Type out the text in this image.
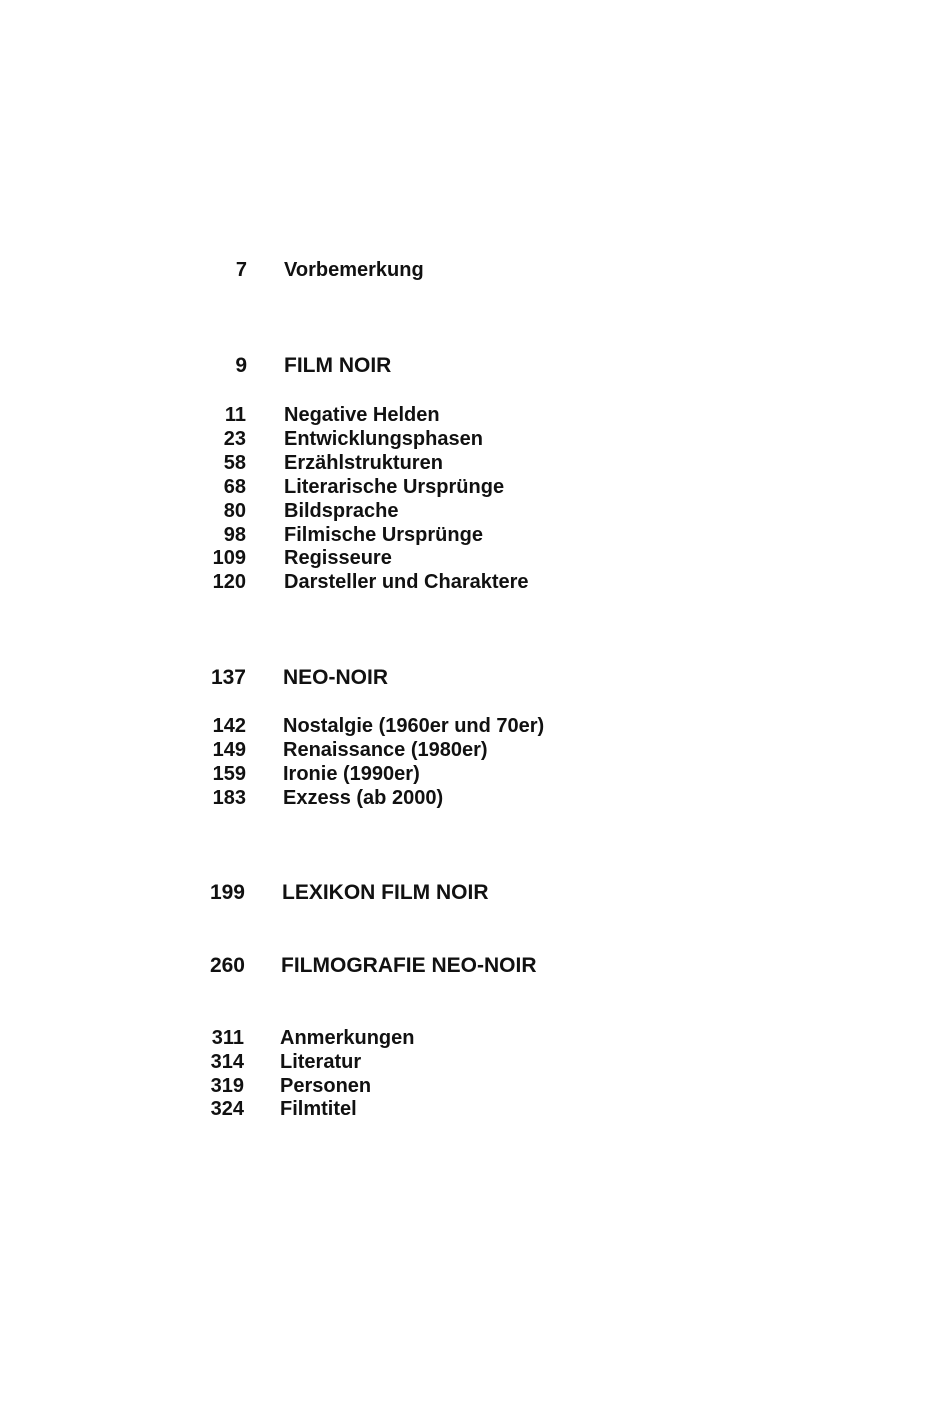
7 Vorbemerkung
9 FILM NOIR
11 Negative Helden
23 Entwicklungsphasen
58 Erzählstrukturen
68 Literarische Ursprünge
80 Bildsprache
98 Filmische Ursprünge
109 Regisseure
120 Darsteller und Charaktere
137 NEO-NOIR
142 Nostalgie (1960er und 70er)
149 Renaissance (1980er)
159 Ironie (1990er)
183 Exzess (ab 2000)
199 LEXIKON FILM NOIR
260 FILMOGRAFIE NEO-NOIR
311 Anmerkungen
314 Literatur
319 Personen
324 Filmtitel
